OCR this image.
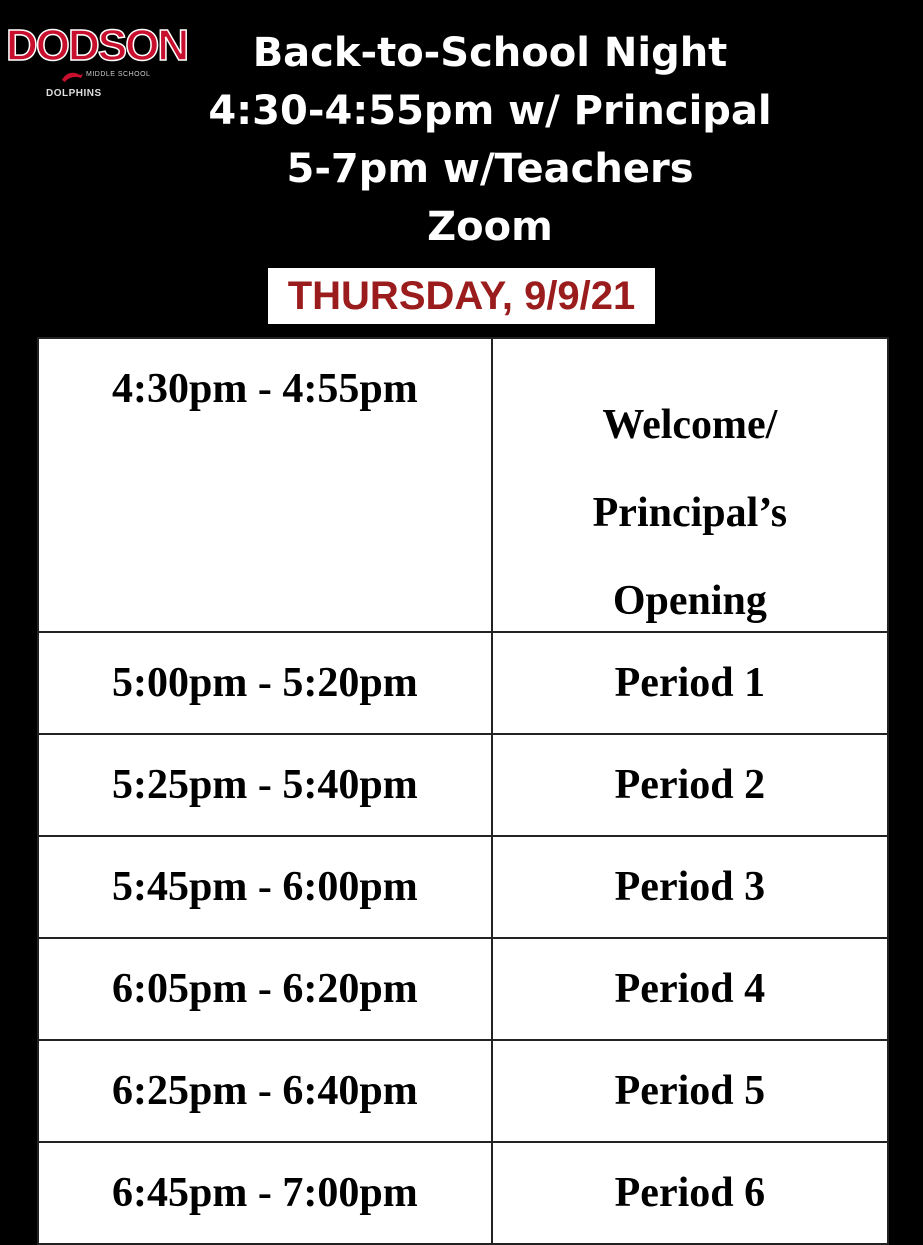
DODSON
MIDDLE SCHOOL
DOLPHINS
Back-to-School Night
4:30-4:55pm w/ Principal
5-7pm w/Teachers
Zoom
THURSDAY, 9/9/21
4:30pm - 4:55pm	Welcome/
Principal’s
Opening

5:00pm - 5:20pm	Period 1
5:25pm - 5:40pm	Period 2
5:45pm - 6:00pm	Period 3
6:05pm - 6:20pm	Period 4
6:25pm - 6:40pm	Period 5
6:45pm - 7:00pm	Period 6
